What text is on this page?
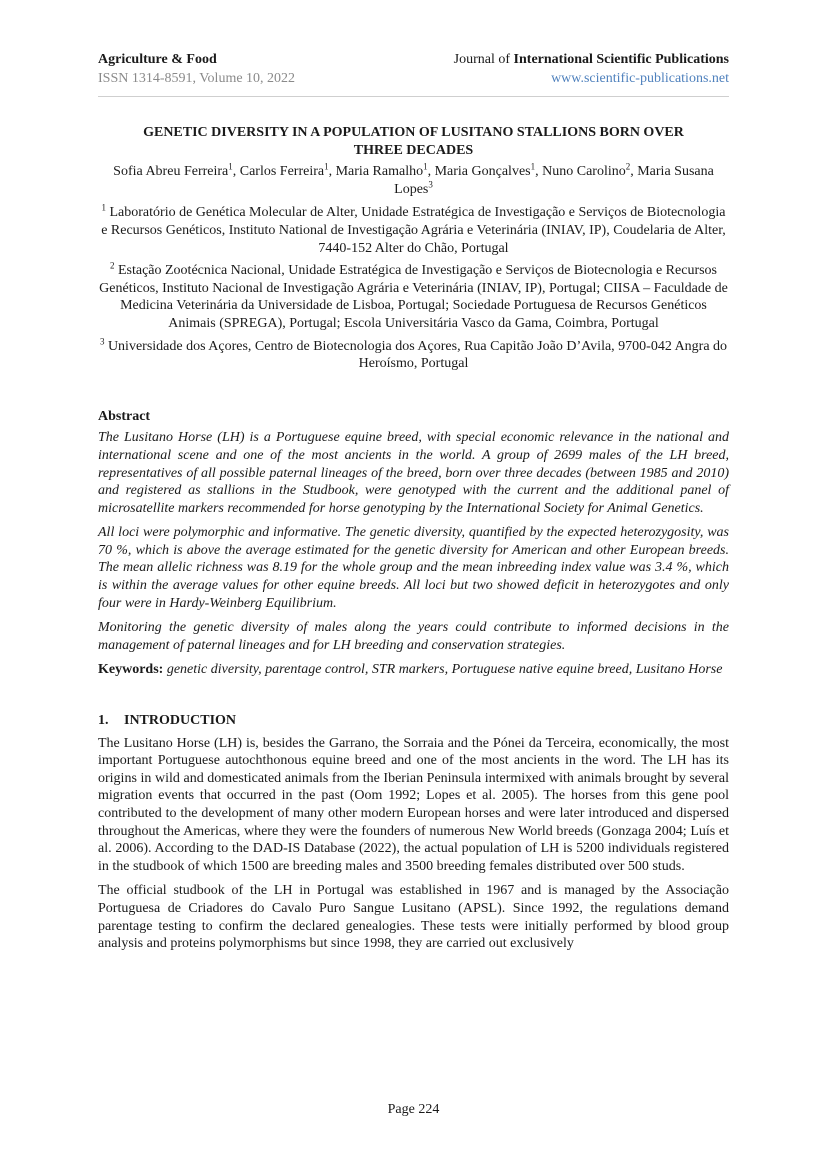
Agriculture & Food
ISSN 1314-8591, Volume 10, 2022
Journal of International Scientific Publications
www.scientific-publications.net
GENETIC DIVERSITY IN A POPULATION OF LUSITANO STALLIONS BORN OVER
THREE DECADES
Sofia Abreu Ferreira$^1$, Carlos Ferreira$^1$, Maria Ramalho$^1$, Maria Gonçalves$^1$, Nuno Carolino$^2$, Maria Susana Lopes$^3$
$^1$ Laboratório de Genética Molecular de Alter, Unidade Estratégica de Investigação e Serviços de Biotecnologia e Recursos Genéticos, Instituto National de Investigação Agrária e Veterinária (INIAV, IP), Coudelaria de Alter, 7440-152 Alter do Chão, Portugal
$^2$ Estação Zootécnica Nacional, Unidade Estratégica de Investigação e Serviços de Biotecnologia e Recursos Genéticos, Instituto Nacional de Investigação Agrária e Veterinária (INIAV, IP), Portugal; CIISA – Faculdade de Medicina Veterinária da Universidade de Lisboa, Portugal; Sociedade Portuguesa de Recursos Genéticos Animais (SPREGA), Portugal; Escola Universitária Vasco da Gama, Coimbra, Portugal
$^3$ Universidade dos Açores, Centro de Biotecnologia dos Açores, Rua Capitão João D’Avila, 9700-042 Angra do Heroísmo, Portugal
Abstract

The Lusitano Horse (LH) is a Portuguese equine breed, with special economic relevance in the national and international scene and one of the most ancients in the world. A group of 2699 males of the LH breed, representatives of all possible paternal lineages of the breed, born over three decades (between 1985 and 2010) and registered as stallions in the Studbook, were genotyped with the current and the additional panel of microsatellite markers recommended for horse genotyping by the International Society for Animal Genetics.

All loci were polymorphic and informative. The genetic diversity, quantified by the expected heterozygosity, was 70 %, which is above the average estimated for the genetic diversity for American and other European breeds. The mean allelic richness was 8.19 for the whole group and the mean inbreeding index value was 3.4 %, which is within the average values for other equine breeds. All loci but two showed deficit in heterozygotes and only four were in Hardy-Weinberg Equilibrium.

Monitoring the genetic diversity of males along the years could contribute to informed decisions in the management of paternal lineages and for LH breeding and conservation strategies.

Keywords: genetic diversity, parentage control, STR markers, Portuguese native equine breed, Lusitano Horse
1. INTRODUCTION

The Lusitano Horse (LH) is, besides the Garrano, the Sorraia and the Pónei da Terceira, economically, the most important Portuguese autochthonous equine breed and one of the most ancients in the word. The LH has its origins in wild and domesticated animals from the Iberian Peninsula intermixed with animals brought by several migration events that occurred in the past (Oom 1992; Lopes et al. 2005). The horses from this gene pool contributed to the development of many other modern European horses and were later introduced and dispersed throughout the Americas, where they were the founders of numerous New World breeds (Gonzaga 2004; Luís et al. 2006). According to the DAD-IS Database (2022), the actual population of LH is 5200 individuals registered in the studbook of which 1500 are breeding males and 3500 breeding females distributed over 500 studs.

The official studbook of the LH in Portugal was established in 1967 and is managed by the Associação Portuguesa de Criadores do Cavalo Puro Sangue Lusitano (APSL). Since 1992, the regulations demand parentage testing to confirm the declared genealogies. These tests were initially performed by blood group analysis and proteins polymorphisms but since 1998, they are carried out exclusively

Page 224
